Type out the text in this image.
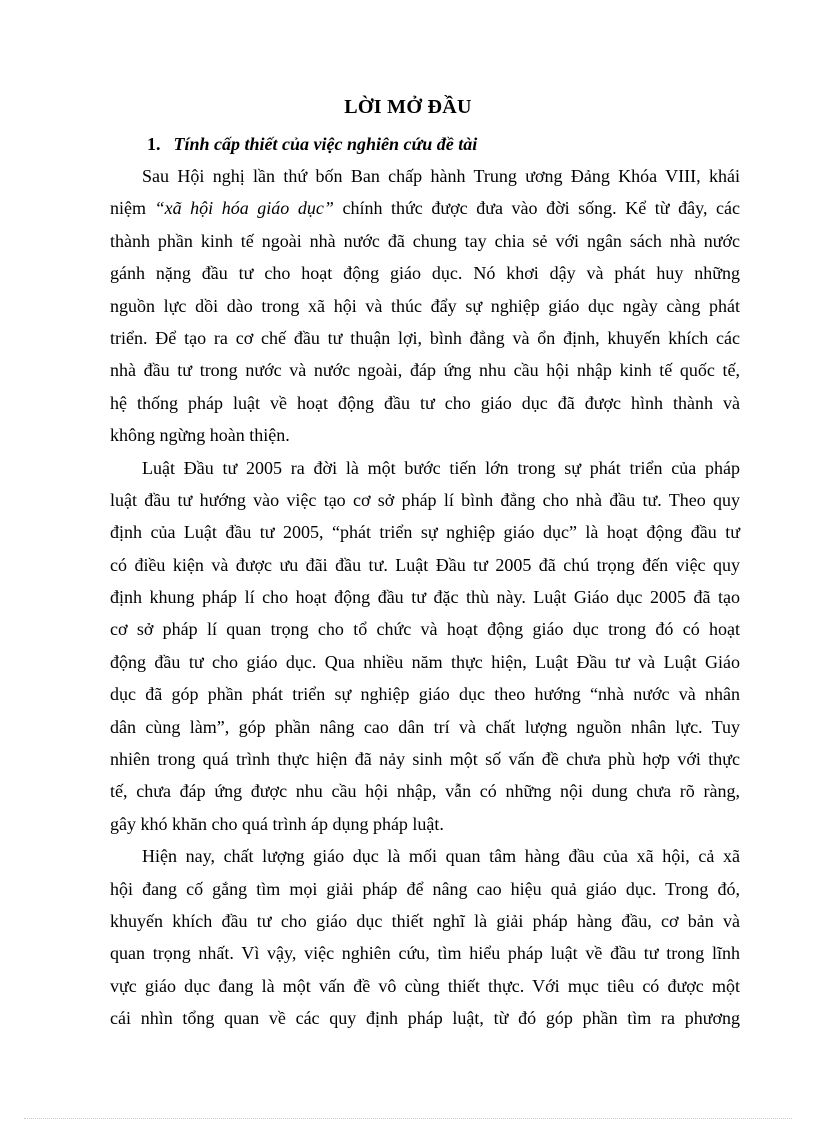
LỜI MỞ ĐẦU
1. Tính cấp thiết của việc nghiên cứu đề tài
Sau Hội nghị lần thứ bốn Ban chấp hành Trung ương Đảng Khóa VIII, khái
niệm “xã hội hóa giáo dục” chính thức được đưa vào đời sống. Kể từ đây, các
thành phần kinh tế ngoài nhà nước đã chung tay chia sẻ với ngân sách nhà nước
gánh nặng đầu tư cho hoạt động giáo dục. Nó khơi dậy và phát huy những
nguồn lực dồi dào trong xã hội và thúc đẩy sự nghiệp giáo dục ngày càng phát
triển. Để tạo ra cơ chế đầu tư thuận lợi, bình đẳng và ổn định, khuyến khích các
nhà đầu tư trong nước và nước ngoài, đáp ứng nhu cầu hội nhập kinh tế quốc tế,
hệ thống pháp luật về hoạt động đầu tư cho giáo dục đã được hình thành và
không ngừng hoàn thiện.
Luật Đầu tư 2005 ra đời là một bước tiến lớn trong sự phát triển của pháp
luật đầu tư hướng vào việc tạo cơ sở pháp lí bình đẳng cho nhà đầu tư. Theo quy
định của Luật đầu tư 2005, “phát triển sự nghiệp giáo dục” là hoạt động đầu tư
có điều kiện và được ưu đãi đầu tư. Luật Đầu tư 2005 đã chú trọng đến việc quy
định khung pháp lí cho hoạt động đầu tư đặc thù này. Luật Giáo dục 2005 đã tạo
cơ sở pháp lí quan trọng cho tổ chức và hoạt động giáo dục trong đó có hoạt
động đầu tư cho giáo dục. Qua nhiều năm thực hiện, Luật Đầu tư và Luật Giáo
dục đã góp phần phát triển sự nghiệp giáo dục theo hướng “nhà nước và nhân
dân cùng làm”, góp phần nâng cao dân trí và chất lượng nguồn nhân lực. Tuy
nhiên trong quá trình thực hiện đã nảy sinh một số vấn đề chưa phù hợp với thực
tế, chưa đáp ứng được nhu cầu hội nhập, vẫn có những nội dung chưa rõ ràng,
gây khó khăn cho quá trình áp dụng pháp luật.
Hiện nay, chất lượng giáo dục là mối quan tâm hàng đầu của xã hội, cả xã
hội đang cố gắng tìm mọi giải pháp để nâng cao hiệu quả giáo dục. Trong đó,
khuyến khích đầu tư cho giáo dục thiết nghĩ là giải pháp hàng đầu, cơ bản và
quan trọng nhất. Vì vậy, việc nghiên cứu, tìm hiểu pháp luật về đầu tư trong lĩnh
vực giáo dục đang là một vấn đề vô cùng thiết thực. Với mục tiêu có được một
cái nhìn tổng quan về các quy định pháp luật, từ đó góp phần tìm ra phương
